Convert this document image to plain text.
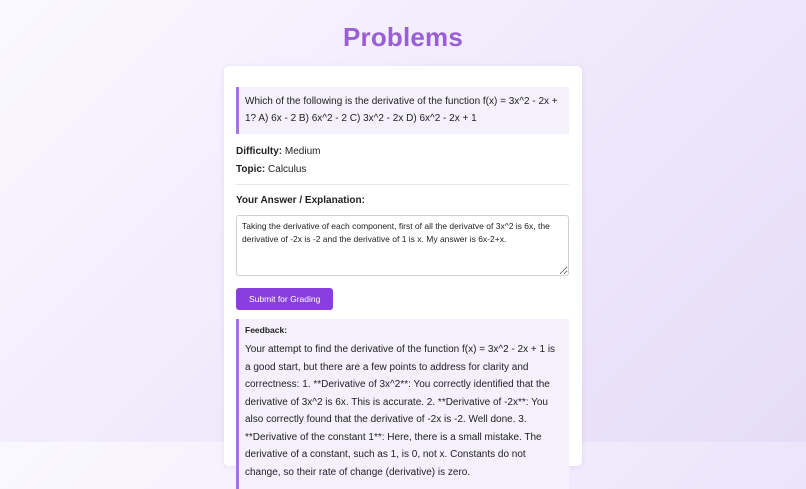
Problems
Which of the following is the derivative of the function f(x) = 3x^2 - 2x + 1? A) 6x - 2 B) 6x^2 - 2 C) 3x^2 - 2x D) 6x^2 - 2x + 1
Difficulty: Medium
Topic: Calculus
Your Answer / Explanation:
Taking the derivative of each component, first of all the derivatve of 3x^2 is 6x, the derivative of -2x is -2 and the derivative of 1 is x. My answer is 6x-2+x. Submit for Grading
Feedback:
Your attempt to find the derivative of the function f(x) = 3x^2 - 2x + 1 is a good start, but there are a few points to address for clarity and correctness: 1. **Derivative of 3x^2**: You correctly identified that the derivative of 3x^2 is 6x. This is accurate. 2. **Derivative of -2x**: You also correctly found that the derivative of -2x is -2. Well done. 3. **Derivative of the constant 1**: Here, there is a small mistake. The derivative of a constant, such as 1, is 0, not x. Constants do not change, so their rate of change (derivative) is zero.
